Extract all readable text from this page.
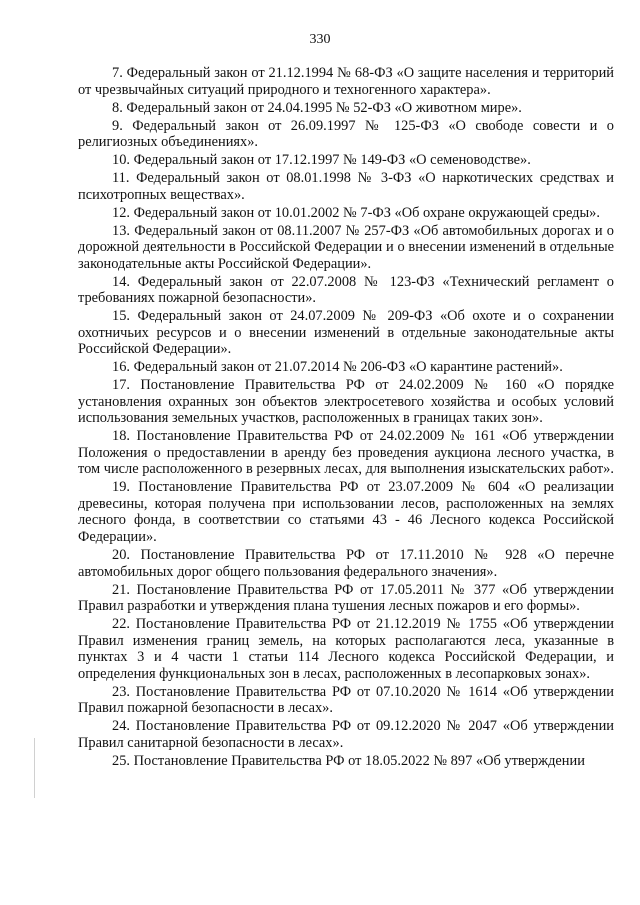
330

7. Федеральный закон от 21.12.1994 № 68-ФЗ «О защите населения и территорий от чрезвычайных ситуаций природного и техногенного характера».

8. Федеральный закон от 24.04.1995 № 52-ФЗ «О животном мире».

9. Федеральный закон от 26.09.1997 № 125-ФЗ «О свободе совести и о религиозных объединениях».

10. Федеральный закон от 17.12.1997 № 149-ФЗ «О семеноводстве».

11. Федеральный закон от 08.01.1998 № 3-ФЗ «О наркотических средствах и психотропных веществах».

12. Федеральный закон от 10.01.2002 № 7-ФЗ «Об охране окружающей среды».

13. Федеральный закон от 08.11.2007 № 257-ФЗ «Об автомобильных дорогах и о дорожной деятельности в Российской Федерации и о внесении изменений в отдельные законодательные акты Российской Федерации».

14. Федеральный закон от 22.07.2008 № 123-ФЗ «Технический регламент о требованиях пожарной безопасности».

15. Федеральный закон от 24.07.2009 № 209-ФЗ «Об охоте и о сохранении охотничьих ресурсов и о внесении изменений в отдельные законодательные акты Российской Федерации».

16. Федеральный закон от 21.07.2014 № 206-ФЗ «О карантине растений».

17. Постановление Правительства РФ от 24.02.2009 № 160 «О порядке установления охранных зон объектов электросетевого хозяйства и особых условий использования земельных участков, расположенных в границах таких зон».

18. Постановление Правительства РФ от 24.02.2009 № 161 «Об утверждении Положения о предоставлении в аренду без проведения аукциона лесного участка, в том числе расположенного в резервных лесах, для выполнения изыскательских работ».

19. Постановление Правительства РФ от 23.07.2009 № 604 «О реализации древесины, которая получена при использовании лесов, расположенных на землях лесного фонда, в соответствии со статьями 43 - 46 Лесного кодекса Российской Федерации».

20. Постановление Правительства РФ от 17.11.2010 № 928 «О перечне автомобильных дорог общего пользования федерального значения».

21. Постановление Правительства РФ от 17.05.2011 № 377 «Об утверждении Правил разработки и утверждения плана тушения лесных пожаров и его формы».

22. Постановление Правительства РФ от 21.12.2019 № 1755 «Об утверждении Правил изменения границ земель, на которых располагаются леса, указанные в пунктах 3 и 4 части 1 статьи 114 Лесного кодекса Российской Федерации, и определения функциональных зон в лесах, расположенных в лесопарковых зонах».

23. Постановление Правительства РФ от 07.10.2020 № 1614 «Об утверждении Правил пожарной безопасности в лесах».

24. Постановление Правительства РФ от 09.12.2020 № 2047 «Об утверждении Правил санитарной безопасности в лесах».

25. Постановление Правительства РФ от 18.05.2022 № 897 «Об утверждении
